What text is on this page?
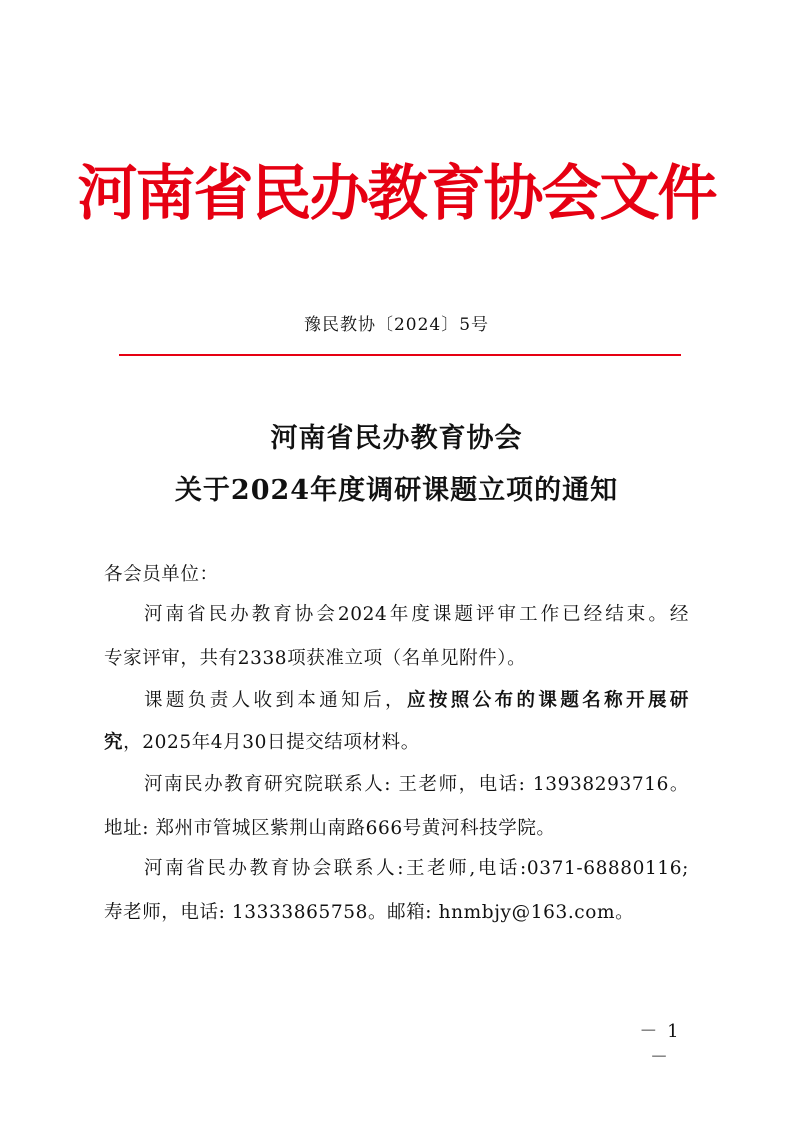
河南省民办教育协会文件
豫民教协〔2024〕5号
河南省民办教育协会
关于2024年度调研课题立项的通知
各会员单位：
河南省民办教育协会2024年度课题评审工作已经结束。经
专家评审，共有2338项获准立项（名单见附件）。
课题负责人收到本通知后，应按照公布的课题名称开展研
究，2025年4月30日提交结项材料。
河南民办教育研究院联系人: 王老师，电话: 13938293716。
地址: 郑州市管城区紫荆山南路666号黄河科技学院。
河南省民办教育协会联系人:王老师,电话:0371-68880116;
寿老师，电话: 13333865758。邮箱: hnmbjy@163.com。
－ 1 －
